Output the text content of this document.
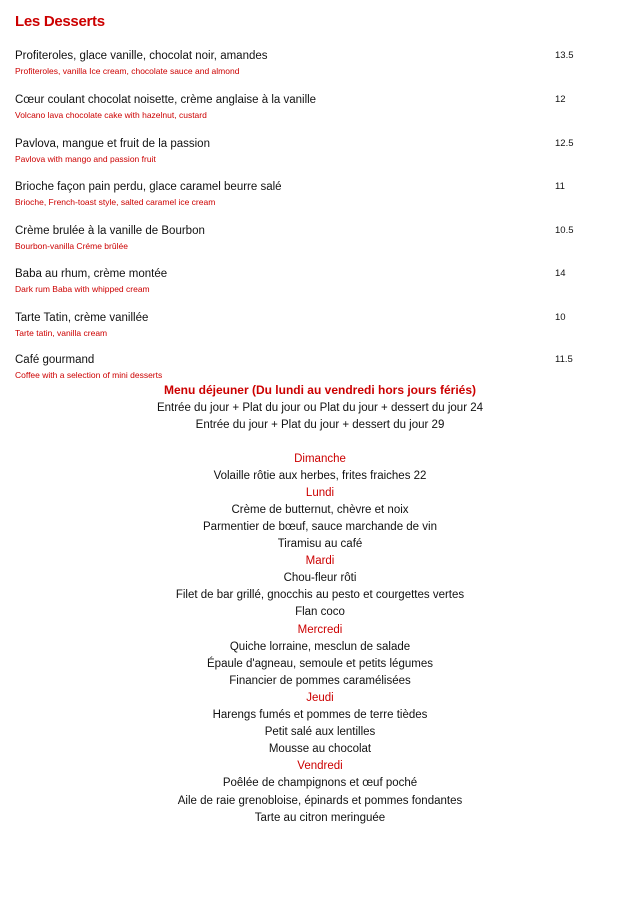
Les Desserts
Profiteroles, glace vanille, chocolat noir, amandes
Profiteroles, vanilla Ice cream, chocolate sauce and almond
13.5
Cœur coulant chocolat noisette, crème anglaise à la vanille
Volcano lava chocolate cake with hazelnut, custard
12
Pavlova, mangue et fruit de la passion
Pavlova with mango and passion fruit
12.5
Brioche façon pain perdu, glace caramel beurre salé
Brioche, French-toast style, salted caramel ice cream
11
Crème brulée à la vanille de Bourbon
Bourbon-vanilla Créme brûlée
10.5
Baba au rhum, crème montée
Dark rum Baba with whipped cream
14
Tarte Tatin, crème vanillée
Tarte tatin, vanilla cream
10
Café gourmand
Coffee with a selection of mini desserts
11.5
Menu déjeuner (Du lundi au vendredi hors jours fériés)
Entrée du jour + Plat du jour ou Plat du jour + dessert du jour 24
Entrée du jour + Plat du jour + dessert du jour 29
Dimanche
Volaille rôtie aux herbes, frites fraiches 22
Lundi
Crème de butternut, chèvre et noix
Parmentier de bœuf, sauce marchande de vin
Tiramisu au café
Mardi
Chou-fleur rôti
Filet de bar grillé, gnocchis au pesto et courgettes vertes
Flan coco
Mercredi
Quiche lorraine, mesclun de salade
Épaule d'agneau, semoule et petits légumes
Financier de pommes caramélisées
Jeudi
Harengs fumés et pommes de terre tièdes
Petit salé aux lentilles
Mousse au chocolat
Vendredi
Poêlée de champignons et œuf poché
Aile de raie grenobloise, épinards et pommes fondantes
Tarte au citron meringuée
